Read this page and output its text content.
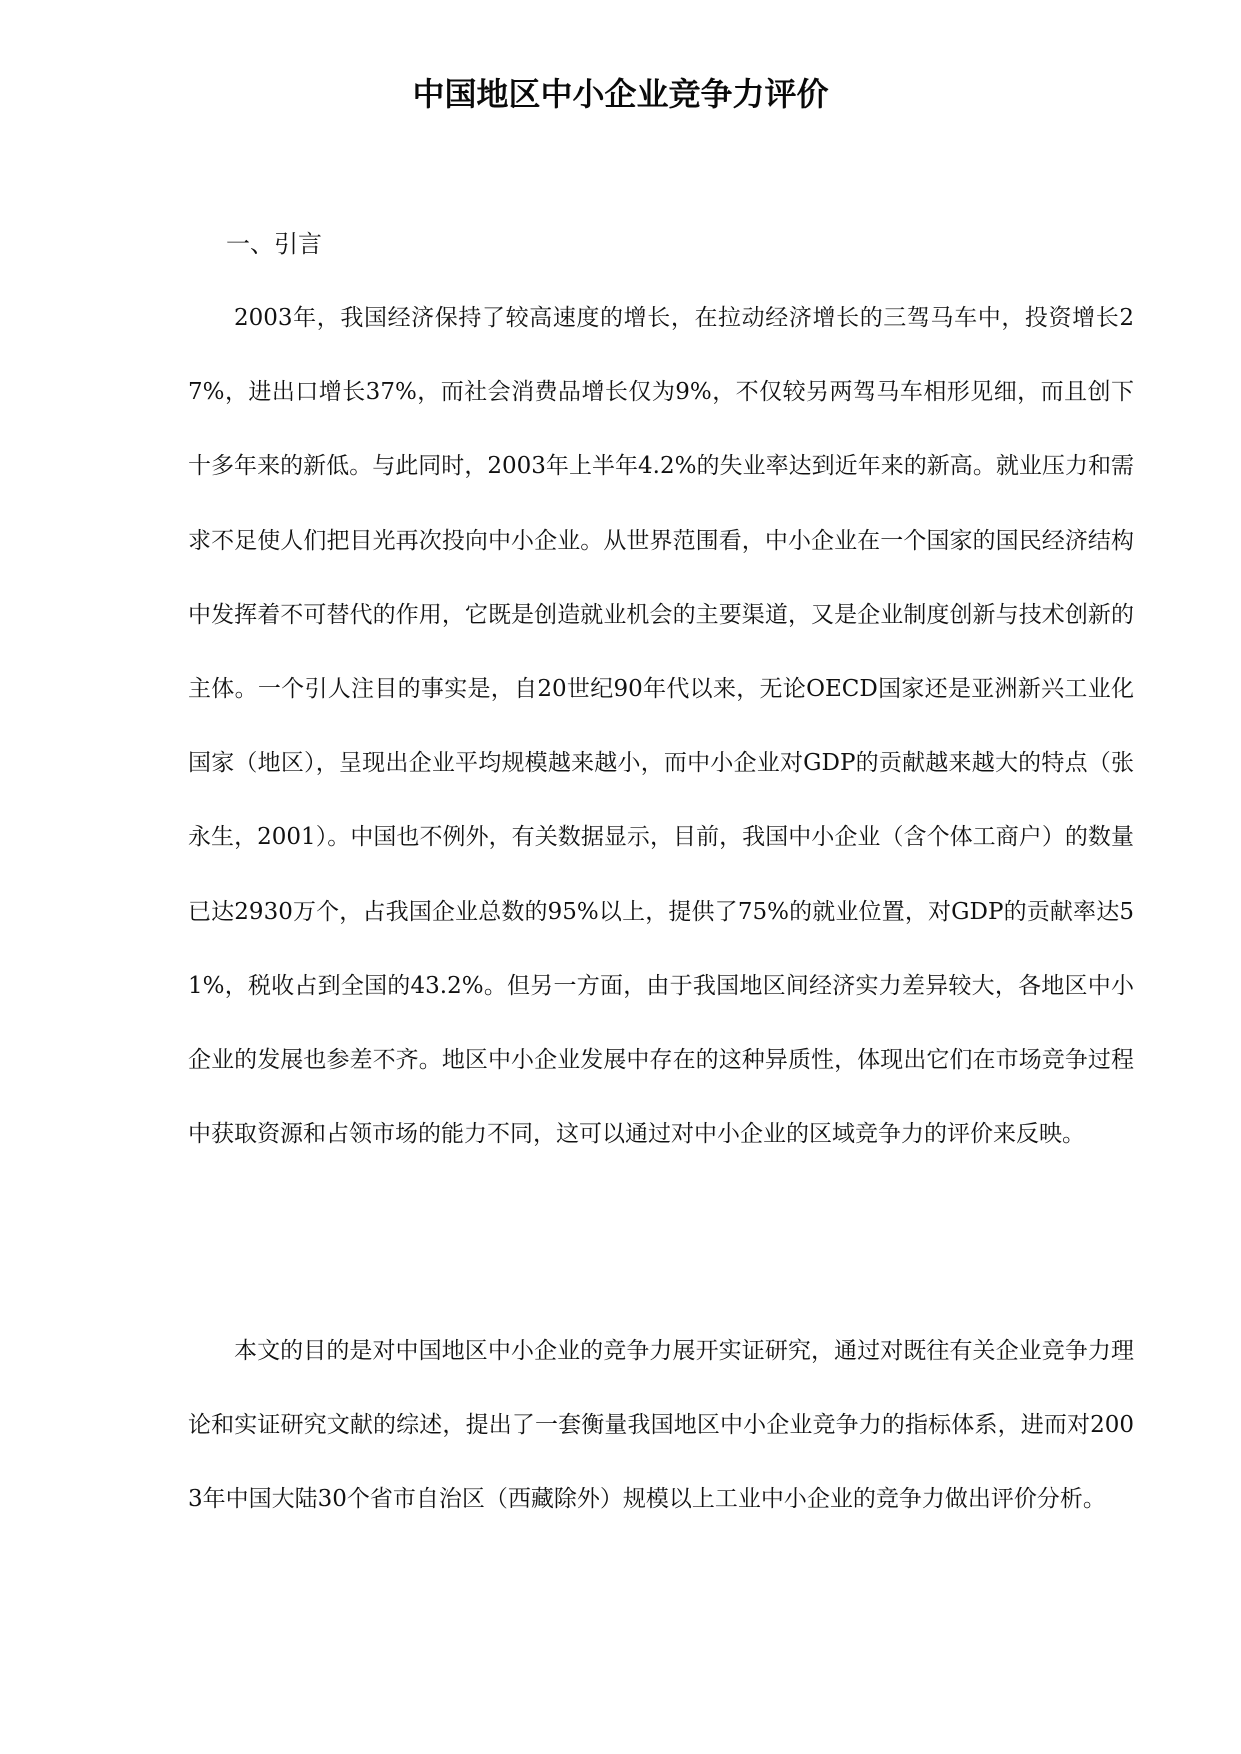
中国地区中小企业竞争力评价
一、引言

2003年，我国经济保持了较高速度的增长，在拉动经济增长的三驾马车中，投资增长27%，进出口增长37%，而社会消费品增长仅为9%，不仅较另两驾马车相形见细，而且创下十多年来的新低。与此同时，2003年上半年4.2%的失业率达到近年来的新高。就业压力和需求不足使人们把目光再次投向中小企业。从世界范围看，中小企业在一个国家的国民经济结构中发挥着不可替代的作用，它既是创造就业机会的主要渠道，又是企业制度创新与技术创新的主体。一个引人注目的事实是，自20世纪90年代以来，无论OECD国家还是亚洲新兴工业化国家（地区），呈现出企业平均规模越来越小，而中小企业对GDP的贡献越来越大的特点（张永生，2001）。中国也不例外，有关数据显示，目前，我国中小企业（含个体工商户）的数量已达2930万个，占我国企业总数的95%以上，提供了75%的就业位置，对GDP的贡献率达51%，税收占到全国的43.2%。但另一方面，由于我国地区间经济实力差异较大，各地区中小企业的发展也参差不齐。地区中小企业发展中存在的这种异质性，体现出它们在市场竞争过程中获取资源和占领市场的能力不同，这可以通过对中小企业的区域竞争力的评价来反映。

本文的目的是对中国地区中小企业的竞争力展开实证研究，通过对既往有关企业竞争力理论和实证研究文献的综述，提出了一套衡量我国地区中小企业竞争力的指标体系，进而对2003年中国大陆30个省市自治区（西藏除外）规模以上工业中小企业的竞争力做出评价分析。
